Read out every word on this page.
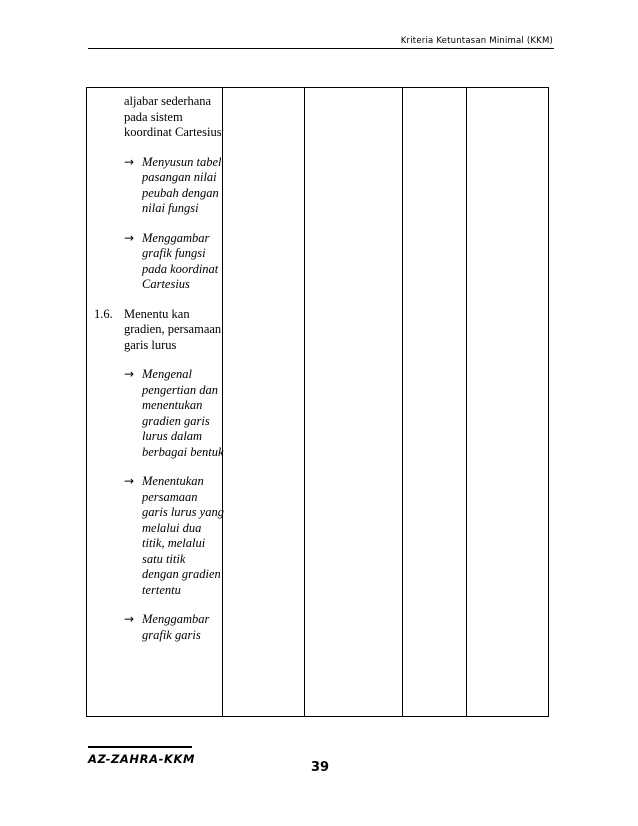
Kriteria Ketuntasan Minimal (KKM)
aljabar sederhana pada sistem koordinat Cartesius
→ Menyusun tabel pasangan nilai peubah dengan nilai fungsi
→ Menggambar grafik fungsi pada koordinat Cartesius
1.6. Menentu kan gradien, persamaan garis lurus
→ Mengenal pengertian dan menentukan gradien garis lurus dalam berbagai bentuk
→ Menentukan persamaan garis lurus yang melalui dua titik, melalui satu titik dengan gradien tertentu
→ Menggambar grafik garis
AZ-ZAHRA-KKM
39
